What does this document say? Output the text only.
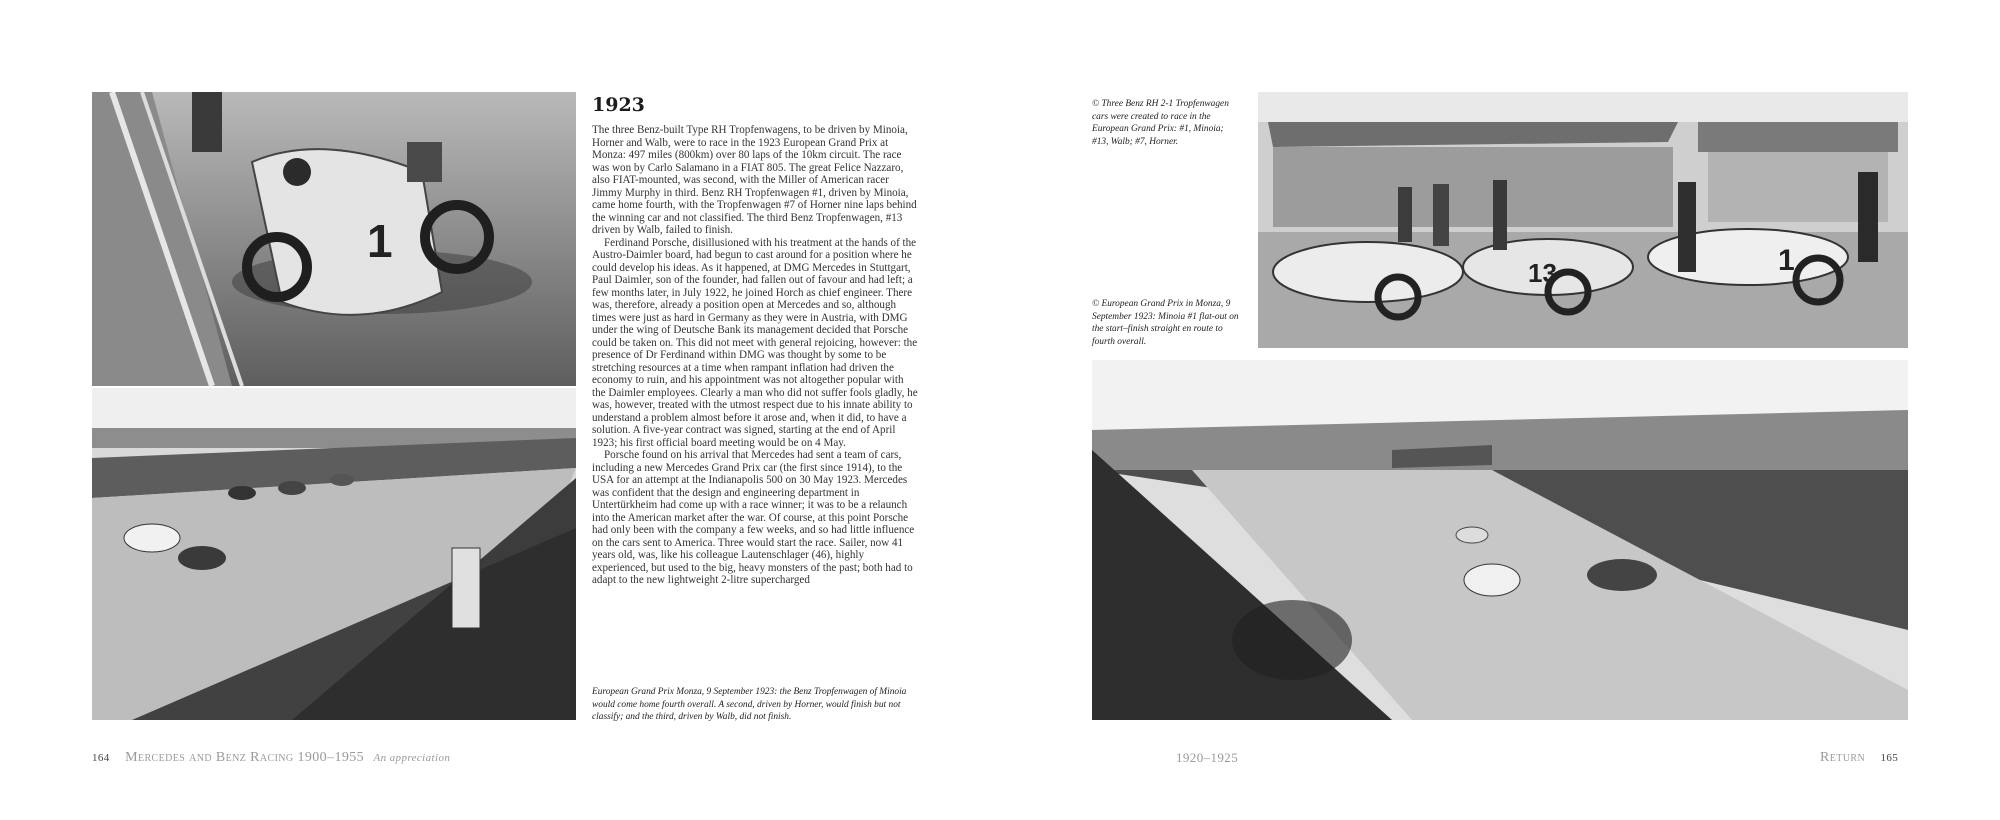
1
1923

The three Benz-built Type RH Tropfenwagens, to be driven by Minoia, Horner and Walb, were to race in the 1923 European Grand Prix at Monza: 497 miles (800km) over 80 laps of the 10km circuit. The race was won by Carlo Salamano in a FIAT 805. The great Felice Nazzaro, also FIAT-mounted, was second, with the Miller of American racer Jimmy Murphy in third. Benz RH Tropfenwagen #1, driven by Minoia, came home fourth, with the Tropfenwagen #7 of Horner nine laps behind the winning car and not classified. The third Benz Tropfenwagen, #13 driven by Walb, failed to finish.

Ferdinand Porsche, disillusioned with his treatment at the hands of the Austro-Daimler board, had begun to cast around for a position where he could develop his ideas. As it happened, at DMG Mercedes in Stuttgart, Paul Daimler, son of the founder, had fallen out of favour and had left; a few months later, in July 1922, he joined Horch as chief engineer. There was, therefore, already a position open at Mercedes and so, although times were just as hard in Germany as they were in Austria, with DMG under the wing of Deutsche Bank its management decided that Porsche could be taken on. This did not meet with general rejoicing, however: the presence of Dr Ferdinand within DMG was thought by some to be stretching resources at a time when rampant inflation had driven the economy to ruin, and his appointment was not altogether popular with the Daimler employees. Clearly a man who did not suffer fools gladly, he was, however, treated with the utmost respect due to his innate ability to understand a problem almost before it arose and, when it did, to have a solution. A five-year contract was signed, starting at the end of April 1923; his first official board meeting would be on 4 May.

Porsche found on his arrival that Mercedes had sent a team of cars, including a new Mercedes Grand Prix car (the first since 1914), to the USA for an attempt at the Indianapolis 500 on 30 May 1923. Mercedes was confident that the design and engineering department in Untertürkheim had come up with a race winner; it was to be a relaunch into the American market after the war. Of course, at this point Porsche had only been with the company a few weeks, and so had little influence on the cars sent to America. Three would start the race. Sailer, now 41 years old, was, like his colleague Lautenschlager (46), highly experienced, but used to the big, heavy monsters of the past; both had to adapt to the new lightweight 2-litre supercharged

European Grand Prix Monza, 9 September 1923: the Benz Tropfenwagen of Minoia would come home fourth overall. A second, driven by Horner, would finish but not classify; and the third, driven by Walb, did not finish.
© Three Benz RH 2-1 Tropfenwagen cars were created to race in the European Grand Prix: #1, Minoia; #13, Walb; #7, Horner.
© European Grand Prix in Monza, 9 September 1923: Minoia #1 flat-out on the start–finish straight en route to fourth overall.
13	1
164 Mercedes and Benz Racing 1900–1955 An appreciation	1920–1925	Return 165
